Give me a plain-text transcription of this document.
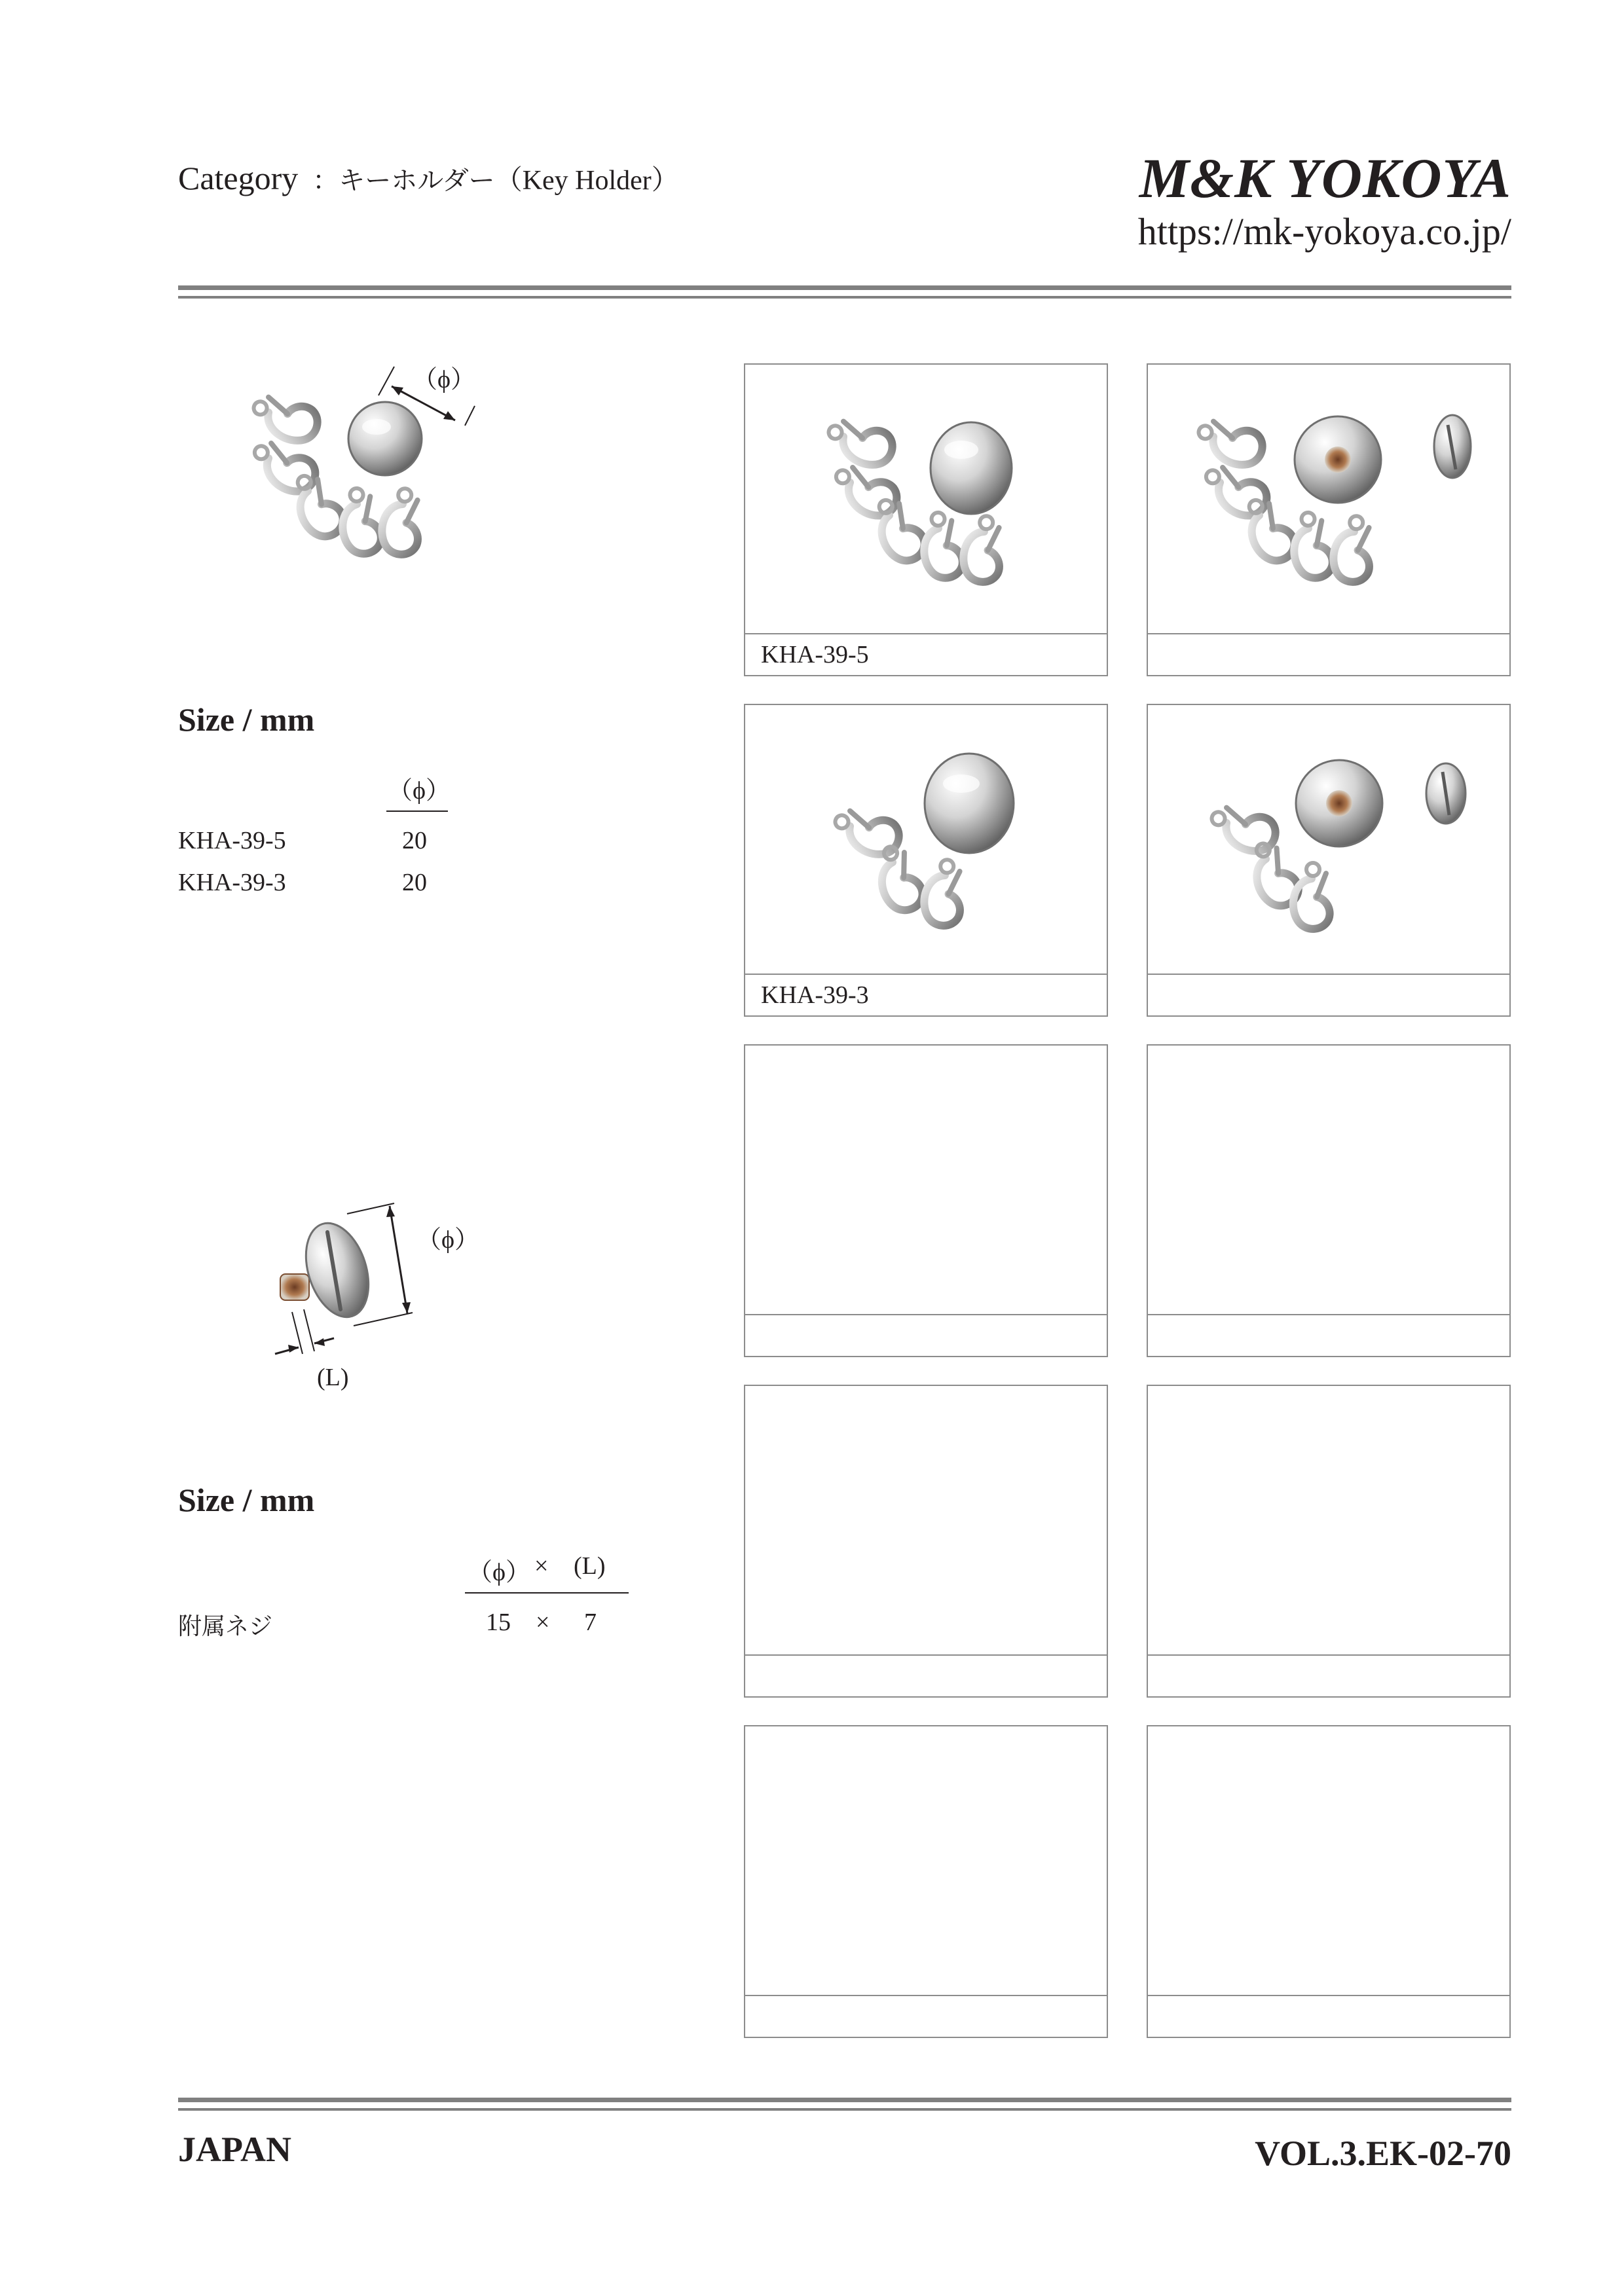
Category ：キーホルダー（Key Holder）	M&K YOKOYA
https://mk-yokoya.co.jp/
（ϕ）
Size / mm
（ϕ）
KHA-39-5	20
KHA-39-3	20
（ϕ）
(L)
Size / mm
（ϕ） × (L)
附属ネジ	15 × 7
KHA-39-5
KHA-39-3
JAPAN	VOL.3.EK-02-70
